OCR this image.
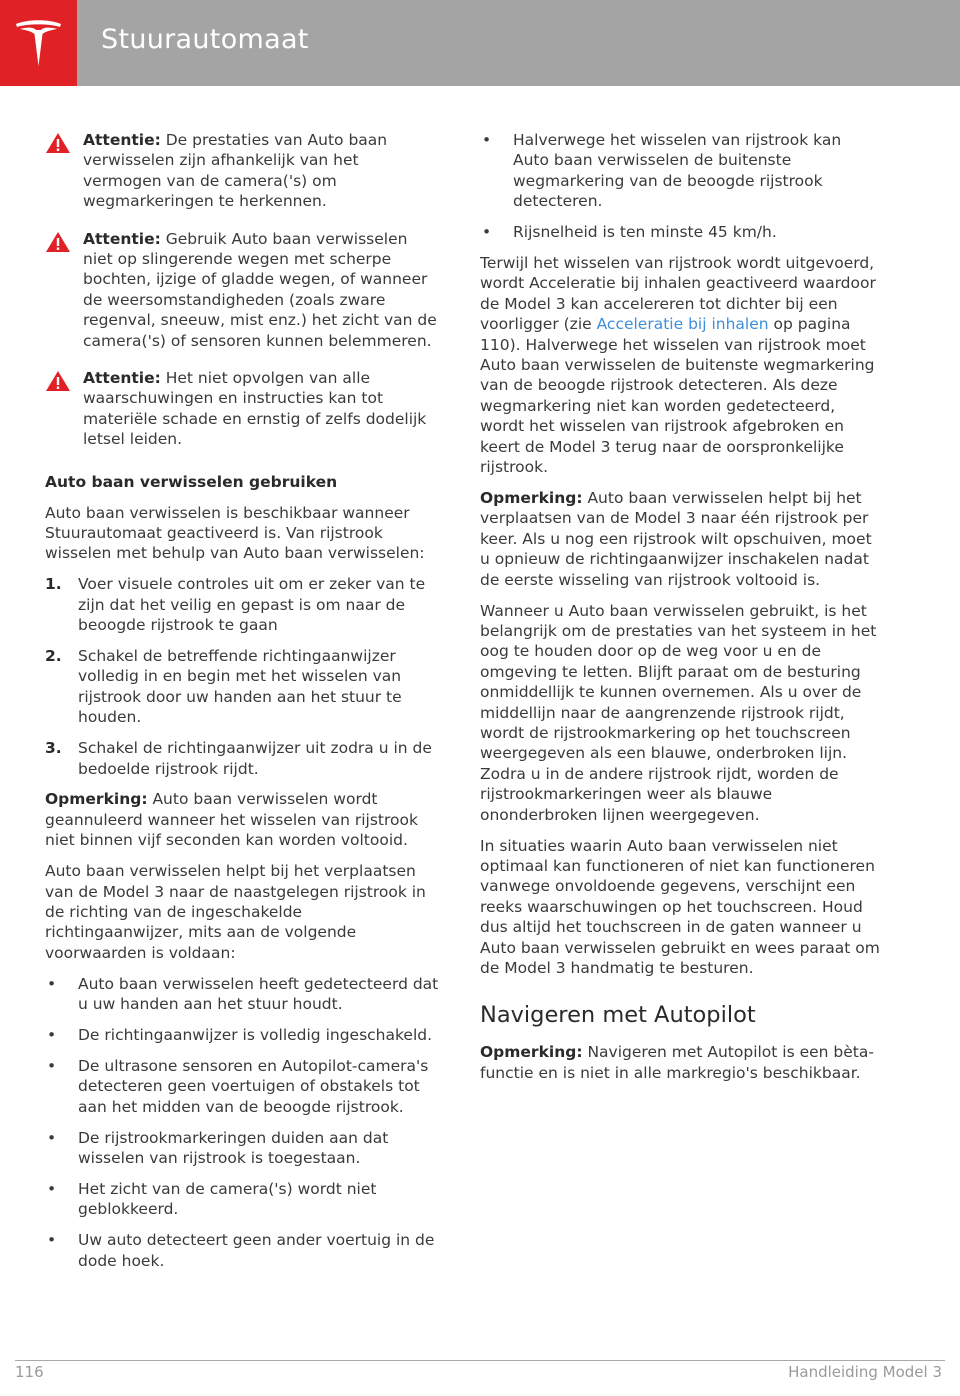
Stuurautomaat
Attentie: De prestaties van Auto baan verwisselen zijn afhankelijk van het vermogen van de camera('s) om wegmarkeringen te herkennen.
Attentie: Gebruik Auto baan verwisselen niet op slingerende wegen met scherpe bochten, ijzige of gladde wegen, of wanneer de weersomstandigheden (zoals zware regenval, sneeuw, mist enz.) het zicht van de camera('s) of sensoren kunnen belemmeren.
Attentie: Het niet opvolgen van alle waarschuwingen en instructies kan tot materiële schade en ernstig of zelfs dodelijk letsel leiden.
Auto baan verwisselen gebruiken

Auto baan verwisselen is beschikbaar wanneer Stuurautomaat geactiveerd is. Van rijstrook wisselen met behulp van Auto baan verwisselen:

1. Voer visuele controles uit om er zeker van te zijn dat het veilig en gepast is om naar de beoogde rijstrook te gaan
2. Schakel de betreffende richtingaanwijzer volledig in en begin met het wisselen van rijstrook door uw handen aan het stuur te houden.
3. Schakel de richtingaanwijzer uit zodra u in de bedoelde rijstrook rijdt.

Opmerking: Auto baan verwisselen wordt geannuleerd wanneer het wisselen van rijstrook niet binnen vijf seconden kan worden voltooid.

Auto baan verwisselen helpt bij het verplaatsen van de Model 3 naar de naastgelegen rijstrook in de richting van de ingeschakelde richtingaanwijzer, mits aan de volgende voorwaarden is voldaan:

• Auto baan verwisselen heeft gedetecteerd dat u uw handen aan het stuur houdt.
• De richtingaanwijzer is volledig ingeschakeld.
• De ultrasone sensoren en Autopilot-camera's detecteren geen voertuigen of obstakels tot aan het midden van de beoogde rijstrook.
• De rijstrookmarkeringen duiden aan dat wisselen van rijstrook is toegestaan.
• Het zicht van de camera('s) wordt niet geblokkeerd.
• Uw auto detecteert geen ander voertuig in de dode hoek.
• Halverwege het wisselen van rijstrook kan Auto baan verwisselen de buitenste wegmarkering van de beoogde rijstrook detecteren.
• Rijsnelheid is ten minste 45 km/h.

Terwijl het wisselen van rijstrook wordt uitgevoerd, wordt Acceleratie bij inhalen geactiveerd waardoor de Model 3 kan accelereren tot dichter bij een voorligger (zie Acceleratie bij inhalen op pagina 110). Halverwege het wisselen van rijstrook moet Auto baan verwisselen de buitenste wegmarkering van de beoogde rijstrook detecteren. Als deze wegmarkering niet kan worden gedetecteerd, wordt het wisselen van rijstrook afgebroken en keert de Model 3 terug naar de oorspronkelijke rijstrook.

Opmerking: Auto baan verwisselen helpt bij het verplaatsen van de Model 3 naar één rijstrook per keer. Als u nog een rijstrook wilt opschuiven, moet u opnieuw de richtingaanwijzer inschakelen nadat de eerste wisseling van rijstrook voltooid is.

Wanneer u Auto baan verwisselen gebruikt, is het belangrijk om de prestaties van het systeem in het oog te houden door op de weg voor u en de omgeving te letten. Blijft paraat om de besturing onmiddellijk te kunnen overnemen. Als u over de middellijn naar de aangrenzende rijstrook rijdt, wordt de rijstrookmarkering op het touchscreen weergegeven als een blauwe, onderbroken lijn. Zodra u in de andere rijstrook rijdt, worden de rijstrookmarkeringen weer als blauwe ononderbroken lijnen weergegeven.

In situaties waarin Auto baan verwisselen niet optimaal kan functioneren of niet kan functioneren vanwege onvoldoende gegevens, verschijnt een reeks waarschuwingen op het touchscreen. Houd dus altijd het touchscreen in de gaten wanneer u Auto baan verwisselen gebruikt en wees paraat om de Model 3 handmatig te besturen.

Navigeren met Autopilot

Opmerking: Navigeren met Autopilot is een bèta-functie en is niet in alle markregio's beschikbaar.

116	Handleiding Model 3
